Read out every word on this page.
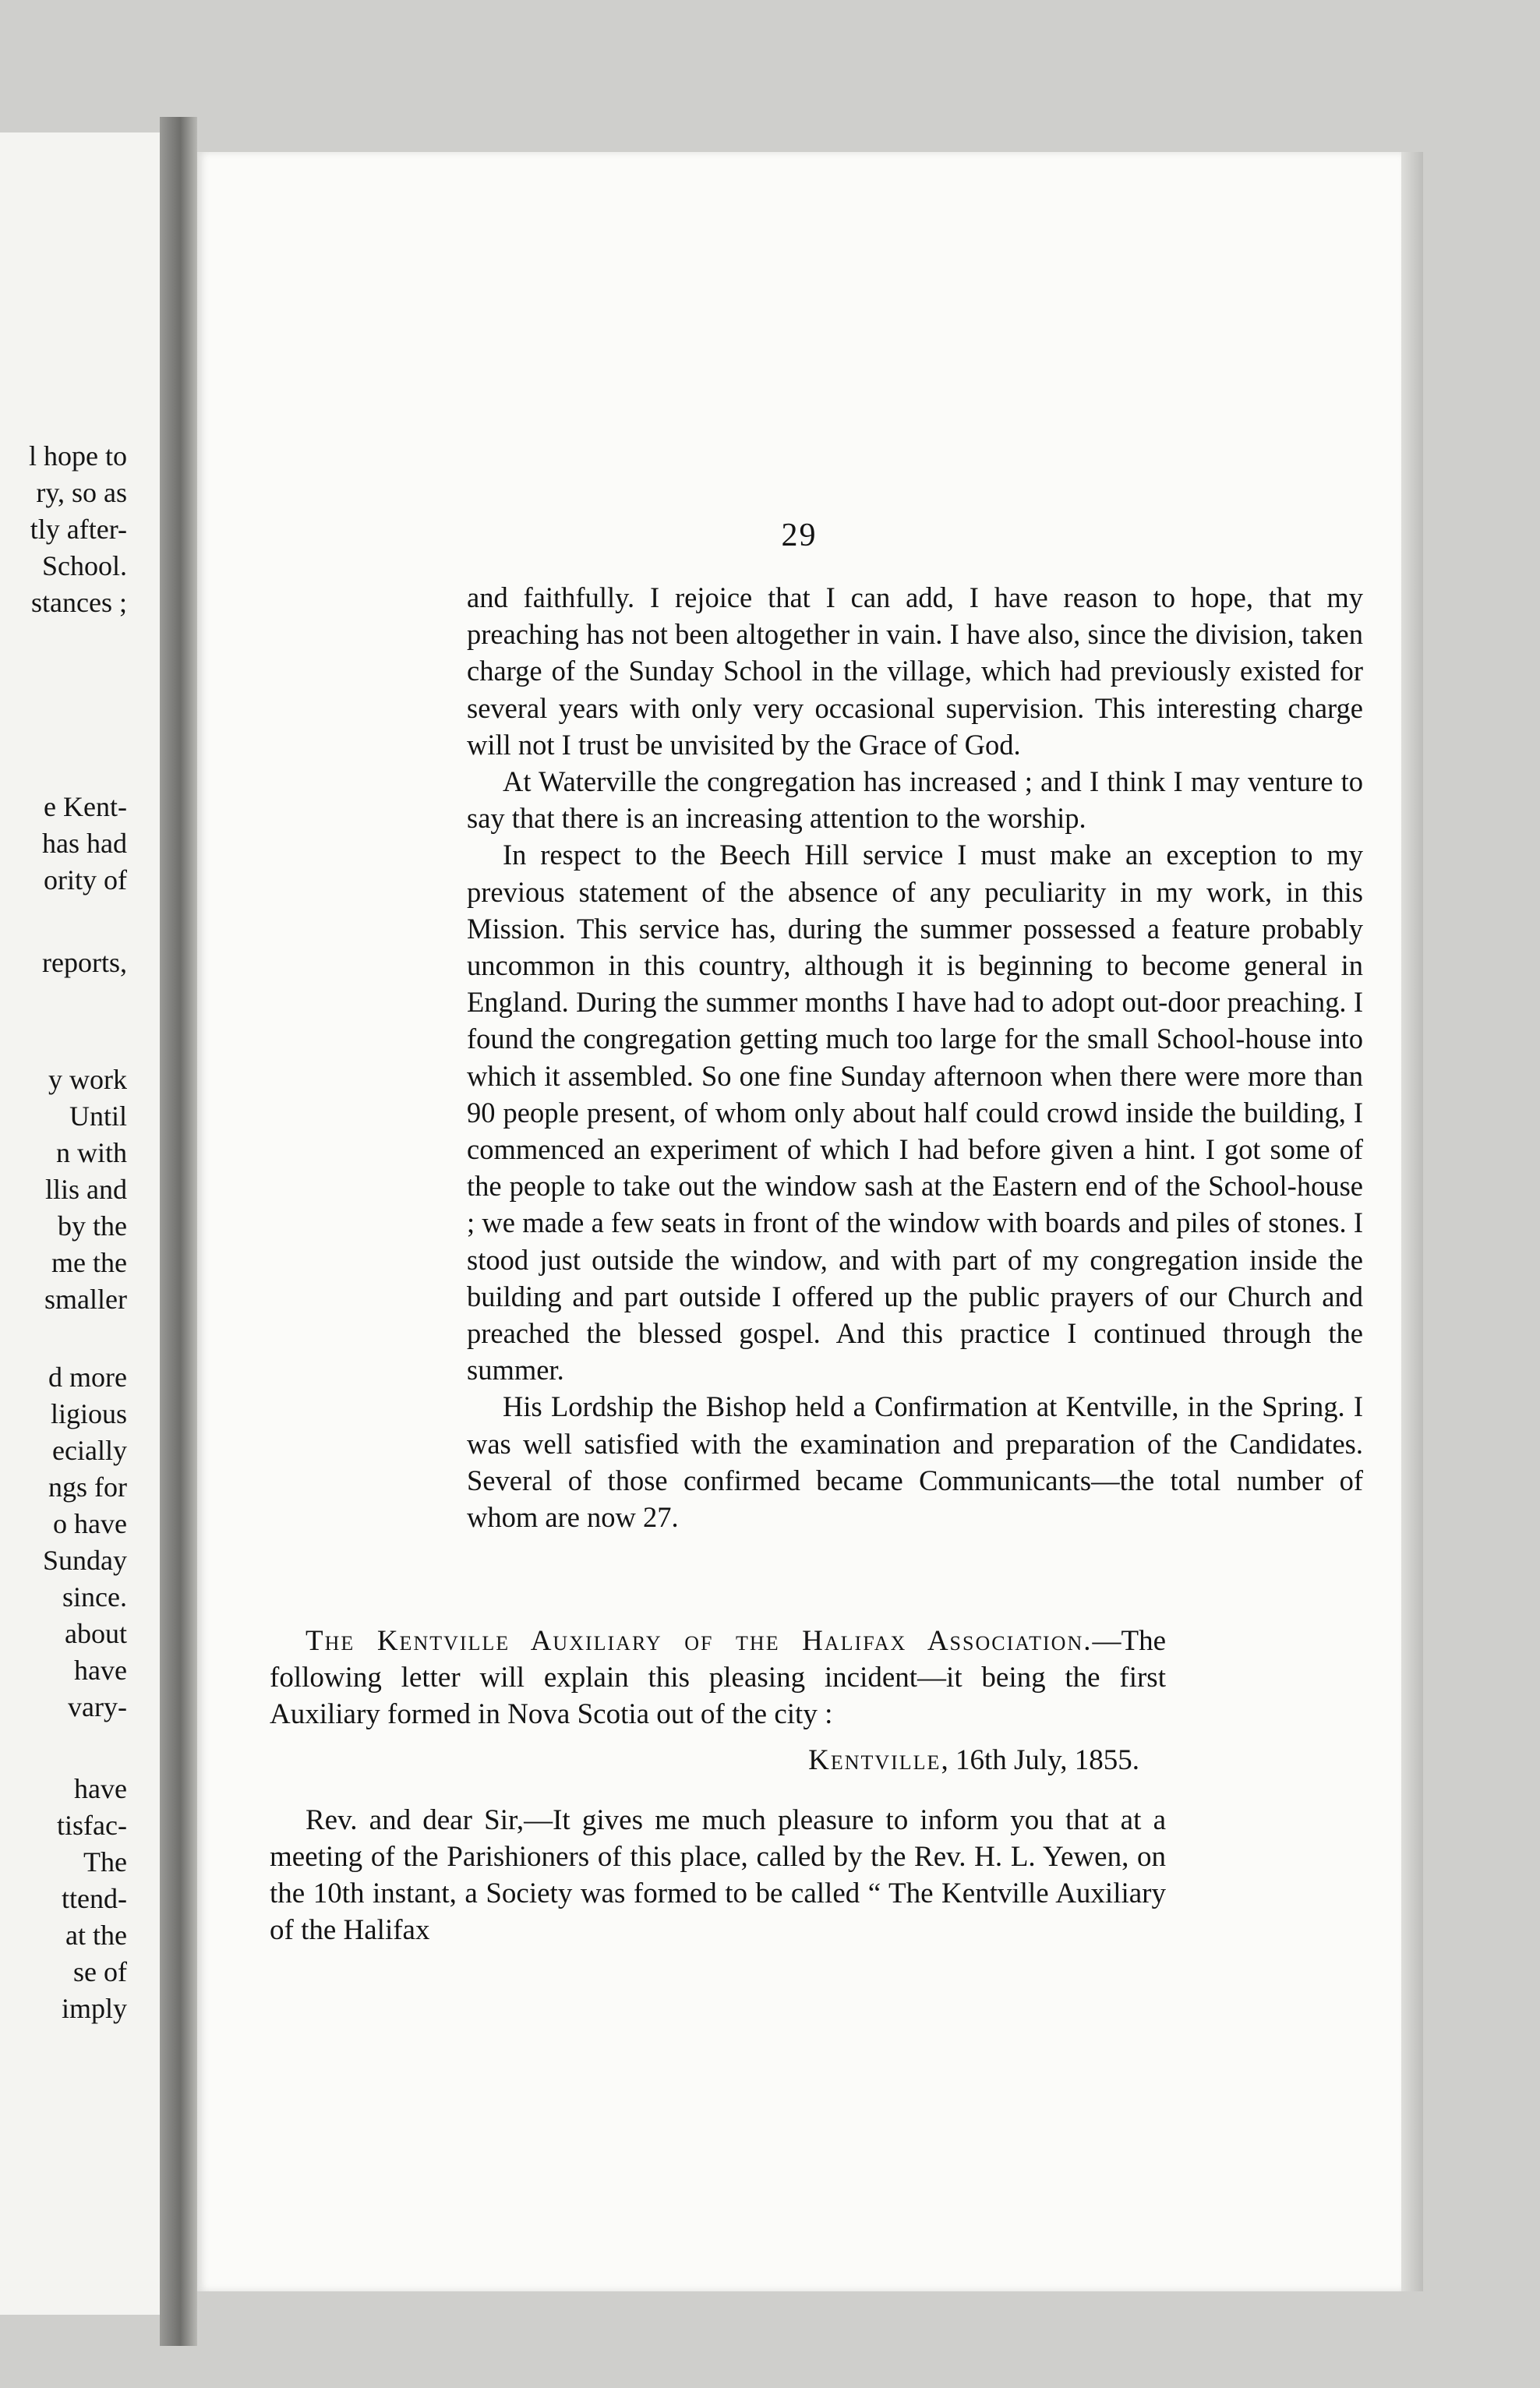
l hope to
ry, so as
tly after-
School.
stances ;
e Kent-
has had
ority of
reports,
y work
Until
n with
llis and
by the
me the
smaller
d more
ligious
ecially
ngs for
o have
Sunday
since.
about
have
vary-
have
tisfac-
The
ttend-
at the
se of
imply
29

and faithfully. I rejoice that I can add, I have reason to hope, that my preaching has not been altogether in vain. I have also, since the division, taken charge of the Sunday School in the village, which had previously existed for several years with only very occasional supervision. This interesting charge will not I trust be unvisited by the Grace of God.

At Waterville the congregation has increased ; and I think I may venture to say that there is an increasing attention to the worship.

In respect to the Beech Hill service I must make an exception to my previous statement of the absence of any peculiarity in my work, in this Mission. This service has, during the summer possessed a feature probably uncommon in this country, although it is beginning to become general in England. During the summer months I have had to adopt out-door preaching. I found the congregation getting much too large for the small School-house into which it assembled. So one fine Sunday afternoon when there were more than 90 people present, of whom only about half could crowd inside the building, I commenced an experiment of which I had before given a hint. I got some of the people to take out the window sash at the Eastern end of the School-house ; we made a few seats in front of the window with boards and piles of stones. I stood just outside the window, and with part of my congregation inside the building and part outside I offered up the public prayers of our Church and preached the blessed gospel. And this practice I continued through the summer.

His Lordship the Bishop held a Confirmation at Kentville, in the Spring. I was well satisfied with the examination and preparation of the Candidates. Several of those confirmed became Communicants—the total number of whom are now 27.

The Kentville Auxiliary of the Halifax Association.—The following letter will explain this pleasing incident—it being the first Auxiliary formed in Nova Scotia out of the city :

Kentville, 16th July, 1855.

Rev. and dear Sir,—It gives me much pleasure to inform you that at a meeting of the Parishioners of this place, called by the Rev. H. L. Yewen, on the 10th instant, a Society was formed to be called “ The Kentville Auxiliary of the Halifax
